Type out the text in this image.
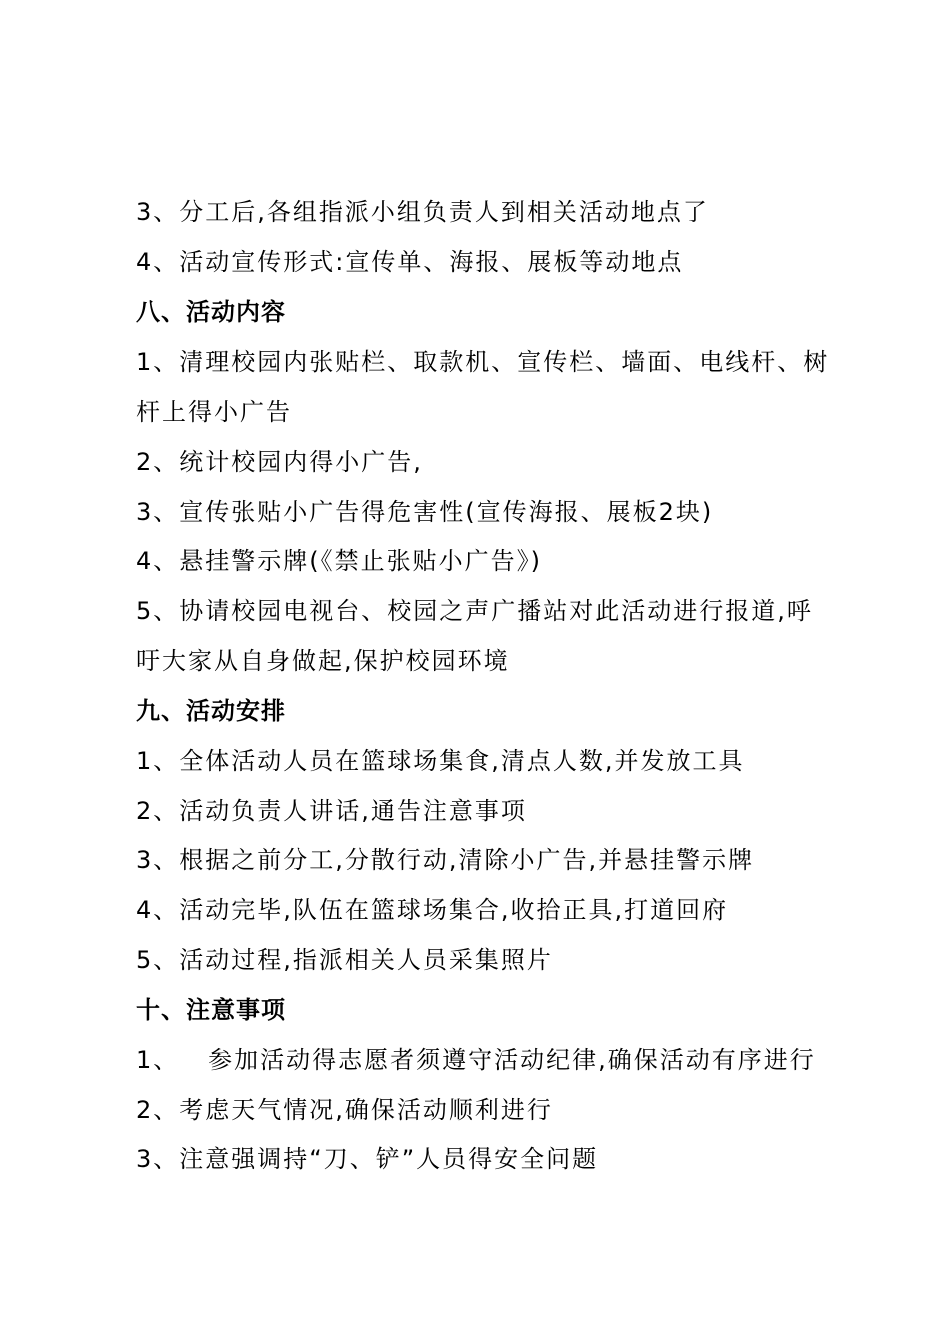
3、分工后,各组指派小组负责人到相关活动地点了
4、活动宣传形式:宣传单、海报、展板等动地点
八、活动内容
1、清理校园内张贴栏、取款机、宣传栏、墙面、电线杆、树
杆上得小广告
2、统计校园内得小广告,
3、宣传张贴小广告得危害性(宣传海报、展板2块)
4、悬挂警示牌(《禁止张贴小广告》)
5、协请校园电视台、校园之声广播站对此活动进行报道,呼
吁大家从自身做起,保护校园环境
九、活动安排
1、全体活动人员在篮球场集食,清点人数,并发放工具
2、活动负责人讲话,通告注意事项
3、根据之前分工,分散行动,清除小广告,并悬挂警示牌
4、活动完毕,队伍在篮球场集合,收拾正具,打道回府
5、活动过程,指派相关人员采集照片
十、注意事项
1、   参加活动得志愿者须遵守活动纪律,确保活动有序进行
2、考虑天气情况,确保活动顺利进行
3、注意强调持“刀、铲”人员得安全问题
